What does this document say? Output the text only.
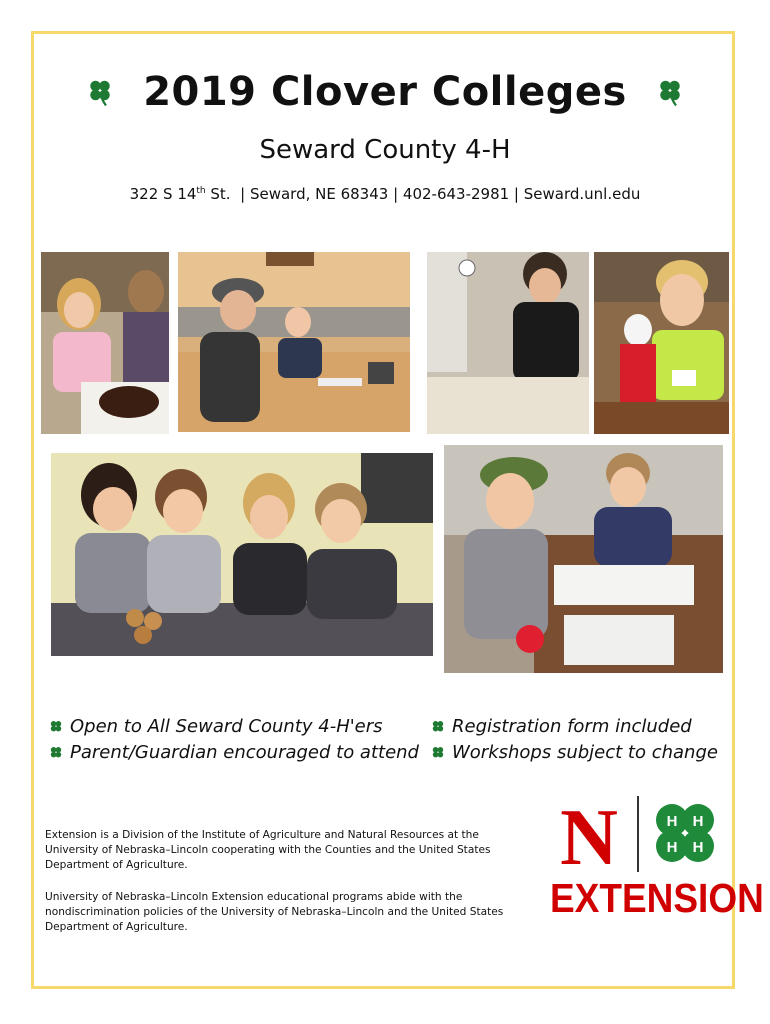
2019 Clover Colleges
Seward County 4-H
322 S 14th St. | Seward, NE 68343 | 402-643-2981 | Seward.unl.edu
Open to All Seward County 4-H'ers
Parent/Guardian encouraged to attend
Registration form included
Workshops subject to change
Extension is a Division of the Institute of Agriculture and Natural Resources at the University of Nebraska–Lincoln cooperating with the Counties and the United States Department of Agriculture.
University of Nebraska–Lincoln Extension educational programs abide with the nondiscrimination policies of the University of Nebraska–Lincoln and the United States Department of Agriculture.
N	H H
H H
EXTENSION
